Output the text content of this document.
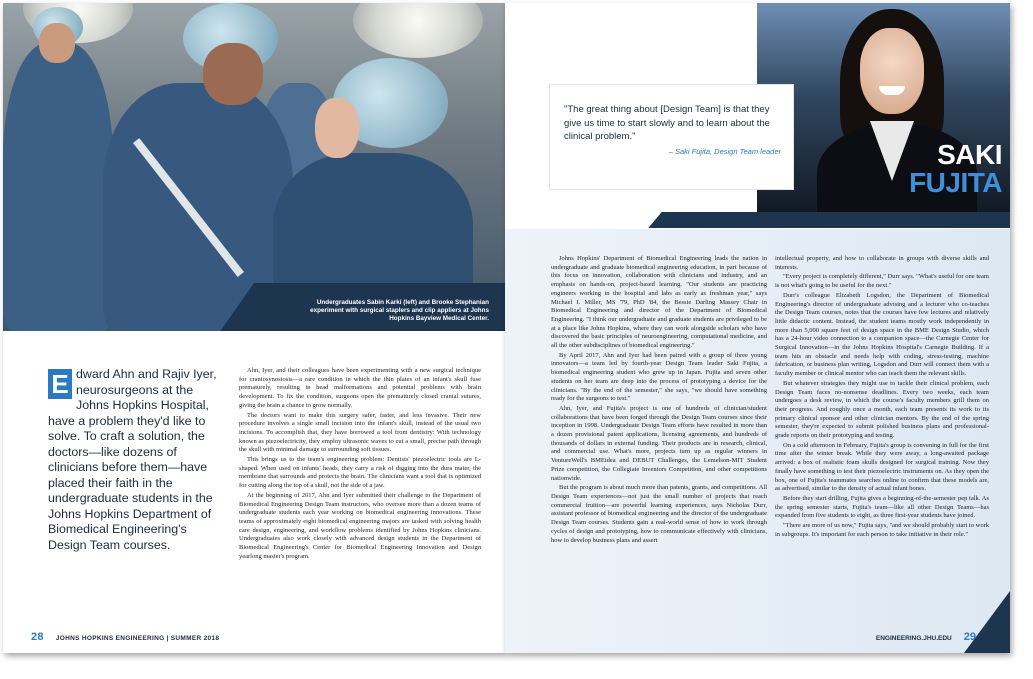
Undergraduates Sabin Karki (left) and Brooke Stephanian experiment with surgical staplers and clip appliers at Johns Hopkins Bayview Medical Center.
E dward Ahn and Rajiv Iyer, neurosurgeons at the Johns Hopkins Hospital, have a problem they'd like to solve. To craft a solution, the doctors—like dozens of clinicians before them—have placed their faith in the undergraduate students in the Johns Hopkins Department of Biomedical Engineering's Design Team courses.

Ahn, Iyer, and their colleagues have been experimenting with a new surgical technique for craniosynostosis—a rare condition in which the thin plates of an infant's skull fuse prematurely, resulting in head malformations and potential problems with brain development. To fix the condition, surgeons open the prematurely closed cranial sutures, giving the brain a chance to grow normally.

The doctors want to make this surgery safer, faster, and less invasive. Their new procedure involves a single small incision into the infant's skull, instead of the usual two incisions. To accomplish that, they have borrowed a tool from dentistry: With technology known as piezoelectricity, they employ ultrasonic waves to cut a small, precise path through the skull with minimal damage to surrounding soft tissues.

This brings us to the team's engineering problem: Dentists' piezoelectric tools are L-shaped. When used on infants' heads, they carry a risk of digging into the dura mater, the membrane that surrounds and protects the brain. The clinicians want a tool that is optimized for cutting along the top of a skull, not the side of a jaw.

At the beginning of 2017, Ahn and Iyer submitted their challenge to the Department of Biomedical Engineering Design Team instructors, who oversee more than a dozen teams of undergraduate students each year working on biomedical engineering innovations. These teams of approximately eight biomedical engineering majors are tasked with solving health care design, engineering, and workflow problems identified by Johns Hopkins clinicians. Undergraduates also work closely with advanced design students in the Department of Biomedical Engineering's Center for Biomedical Engineering Innovation and Design yearlong master's program.

28 JOHNS HOPKINS ENGINEERING | SUMMER 2018
SAKI
FUJITA
"The great thing about [Design Team] is that they give us time to start slowly and to learn about the clinical problem."
– Saki Fujita, Design Team leader

Johns Hopkins' Department of Biomedical Engineering leads the nation in undergraduate and graduate biomedical engineering education, in part because of this focus on innovation, collaboration with clinicians and industry, and an emphasis on hands-on, project-based learning. "Our students are practicing engineers working in the hospital and labs as early as freshman year," says Michael I. Miller, MS '79, PhD '84, the Bessie Darling Massey Chair in Biomedical Engineering and director of the Department of Biomedical Engineering. "I think our undergraduate and graduate students are privileged to be at a place like Johns Hopkins, where they can work alongside scholars who have discovered the basic principles of neuroengineering, computational medicine, and all the other subdisciplines of biomedical engineering."

By April 2017, Ahn and Iyer had been paired with a group of three young innovators—a team led by fourth-year Design Team leader Saki Fujita, a biomedical engineering student who grew up in Japan. Fujita and seven other students on her team are deep into the process of prototyping a device for the clinicians. "By the end of the semester," she says, "we should have something ready for the surgeons to test."

Ahn, Iyer, and Fujita's project is one of hundreds of clinician/student collaborations that have been forged through the Design Team courses since their inception in 1998. Undergraduate Design Team efforts have resulted in more than a dozen provisional patent applications, licensing agreements, and hundreds of thousands of dollars in external funding. Their products are in research, clinical, and commercial use. What's more, projects turn up as regular winners in VentureWell's BMEidea and DEBUT Challenges, the Lemelson-MIT Student Prize competition, the Collegiate Inventors Competition, and other competitions nationwide.

But the program is about much more than patents, grants, and competitions. All Design Team experiences—not just the small number of projects that reach commercial fruition—are powerful learning experiences, says Nicholas Durr, assistant professor of biomedical engineering and the director of the undergraduate Design Team courses. Students gain a real-world sense of how to work through cycles of design and prototyping, how to communicate effectively with clinicians, how to develop business plans and assert

intellectual property, and how to collaborate in groups with diverse skills and interests.

"Every project is completely different," Durr says. "What's useful for one team is not what's going to be useful for the next."

Durr's colleague Elizabeth Logsdon, the Department of Biomedical Engineering's director of undergraduate advising and a lecturer who co-teaches the Design Team courses, notes that the courses have few lectures and relatively little didactic content. Instead, the student teams mostly work independently in more than 5,000 square feet of design space in the BME Design Studio, which has a 24-hour video connection to a companion space—the Carnegie Center for Surgical Innovation—in the Johns Hopkins Hospital's Carnegie Building. If a team hits an obstacle and needs help with coding, stress-testing, machine fabrication, or business plan writing, Logsdon and Durr will connect them with a faculty member or clinical mentor who can teach them the relevant skills.

But whatever strategies they might use to tackle their clinical problem, each Design Team faces no-nonsense deadlines. Every two weeks, each team undergoes a desk review, in which the course's faculty members grill them on their progress. And roughly once a month, each team presents its work to its primary clinical sponsor and other clinician mentors. By the end of the spring semester, they're expected to submit polished business plans and professional-grade reports on their prototyping and testing.

On a cold afternoon in February, Fujita's group is convening in full for the first time after the winter break. While they were away, a long-awaited package arrived: a box of realistic foam skulls designed for surgical training. Now they finally have something to test their piezoelectric instruments on. As they open the box, one of Fujita's teammates searches online to confirm that these models are, as advertised, similar to the density of actual infant bones.

Before they start drilling, Fujita gives a beginning-of-the-semester pep talk. As the spring semester starts, Fujita's team—like all other Design Teams—has expanded from five students to eight, as three first-year students have joined.

"There are more of us now," Fujita says, "and we should probably start to work in subgroups. It's important for each person to take initiative in their role."

ENGINEERING.JHU.EDU 29
